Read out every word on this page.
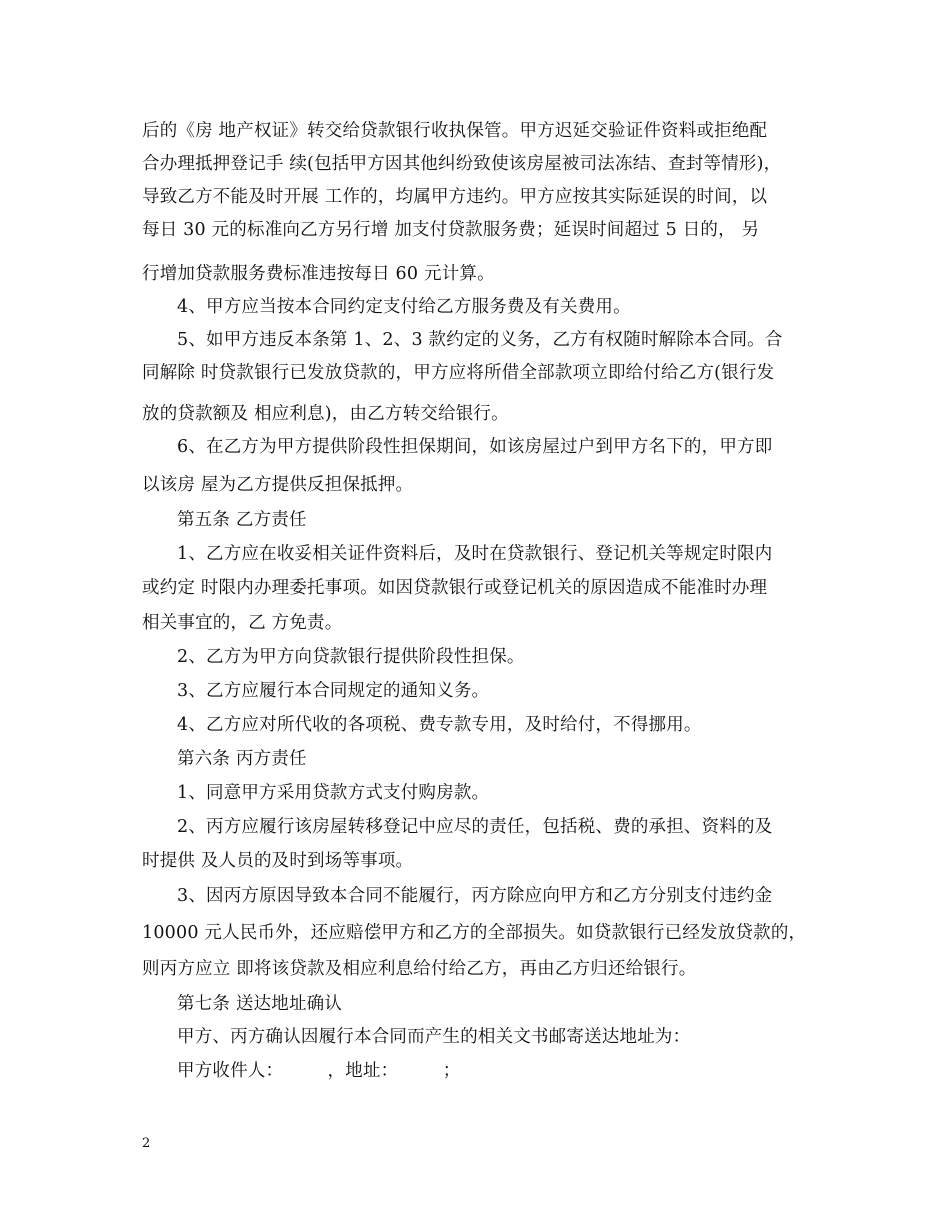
后的《房 地产权证》转交给贷款银行收执保管。甲方迟延交验证件资料或拒绝配
合办理抵押登记手 续(包括甲方因其他纠纷致使该房屋被司法冻结、查封等情形)，
导致乙方不能及时开展 工作的，均属甲方违约。甲方应按其实际延误的时间，以
每日 30 元的标准向乙方另行增 加支付贷款服务费；延误时间超过 5 日的， 另
行增加贷款服务费标准违按每日 60 元计算。
4、甲方应当按本合同约定支付给乙方服务费及有关费用。
5、如甲方违反本条第 1、2、3 款约定的义务，乙方有权随时解除本合同。合
同解除 时贷款银行已发放贷款的，甲方应将所借全部款项立即给付给乙方(银行发
放的贷款额及 相应利息)，由乙方转交给银行。
6、在乙方为甲方提供阶段性担保期间，如该房屋过户到甲方名下的，甲方即
以该房 屋为乙方提供反担保抵押。
第五条 乙方责任
1、乙方应在收妥相关证件资料后，及时在贷款银行、登记机关等规定时限内
或约定 时限内办理委托事项。如因贷款银行或登记机关的原因造成不能准时办理
相关事宜的，乙 方免责。
2、乙方为甲方向贷款银行提供阶段性担保。
3、乙方应履行本合同规定的通知义务。
4、乙方应对所代收的各项税、费专款专用，及时给付，不得挪用。
第六条 丙方责任
1、同意甲方采用贷款方式支付购房款。
2、丙方应履行该房屋转移登记中应尽的责任，包括税、费的承担、资料的及
时提供 及人员的及时到场等事项。
3、因丙方原因导致本合同不能履行，丙方除应向甲方和乙方分别支付违约金
10000 元人民币外，还应赔偿甲方和乙方的全部损失。如贷款银行已经发放贷款的，
则丙方应立 即将该贷款及相应利息给付给乙方，再由乙方归还给银行。
第七条 送达地址确认
甲方、丙方确认因履行本合同而产生的相关文书邮寄送达地址为：
甲方收件人：　　　，地址：　　　；
2
